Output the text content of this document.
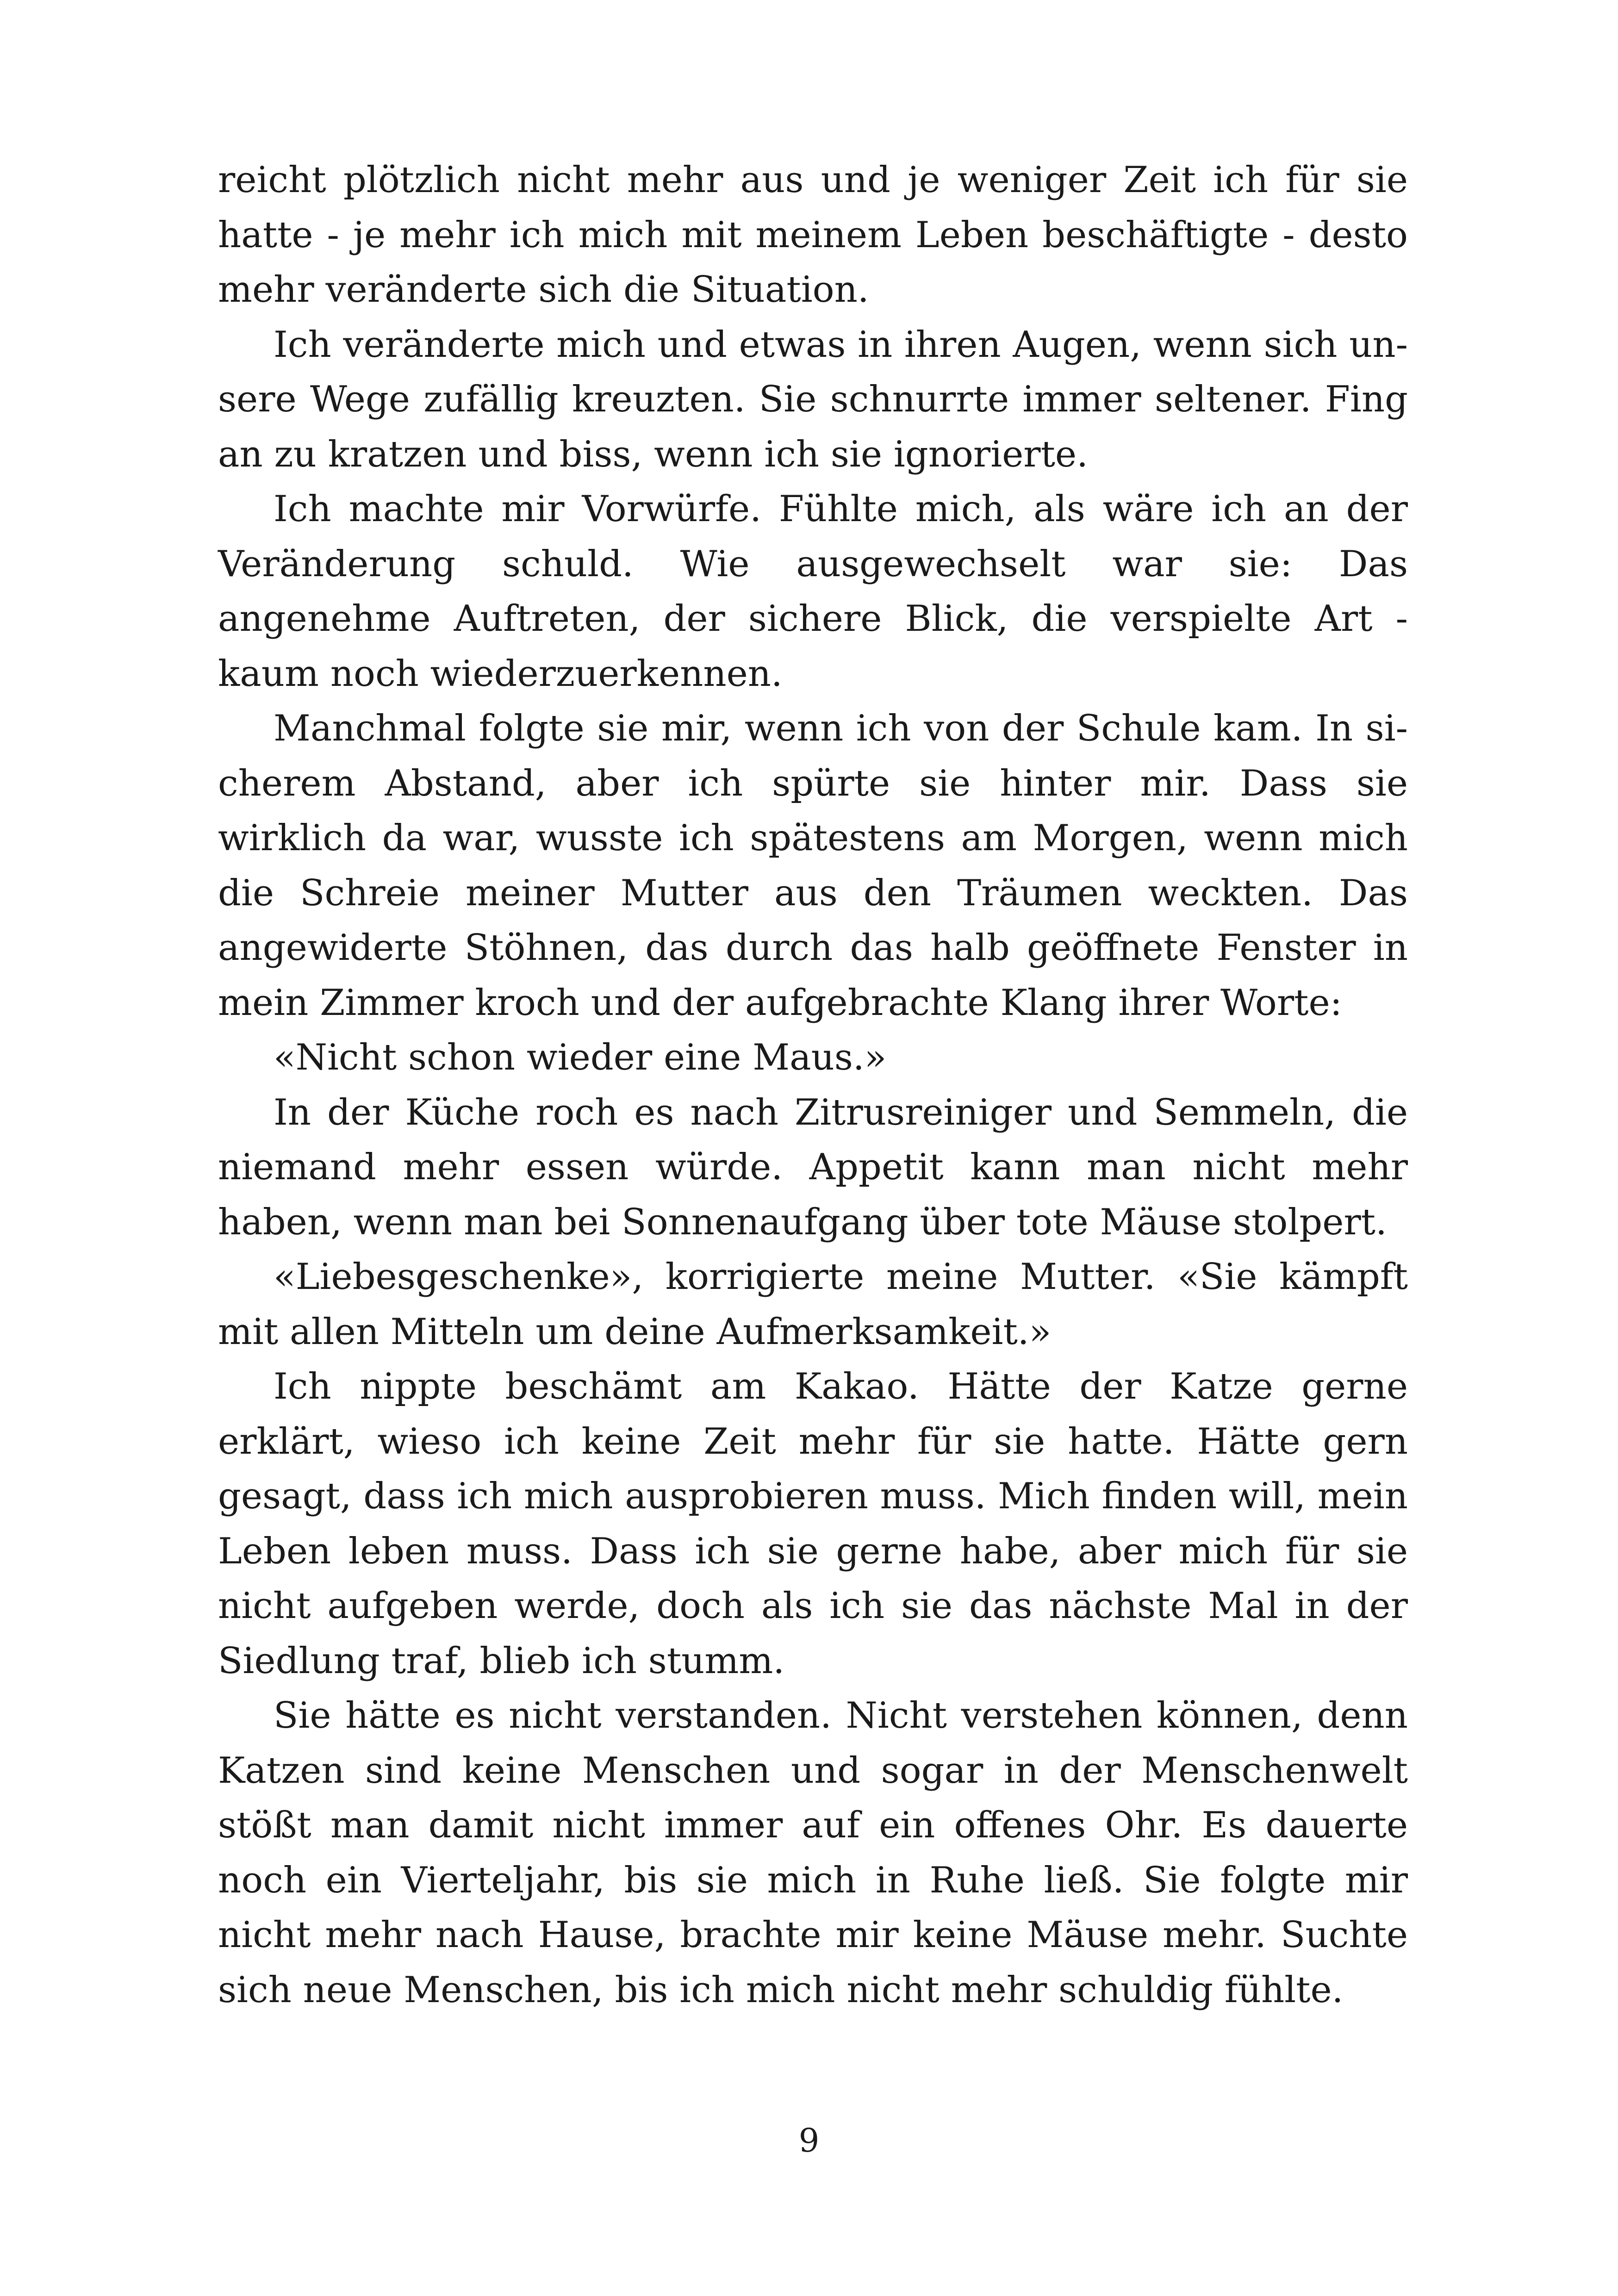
reicht plötzlich nicht mehr aus und je weniger Zeit ich für sie hatte - je mehr ich mich mit meinem Leben beschäftigte - desto mehr veränderte sich die Situation.

Ich veränderte mich und etwas in ihren Augen, wenn sich unsere Wege zufällig kreuzten. Sie schnurrte immer seltener. Fing an zu kratzen und biss, wenn ich sie ignorierte.

Ich machte mir Vorwürfe. Fühlte mich, als wäre ich an der Veränderung schuld. Wie ausgewechselt war sie: Das angenehme Auftreten, der sichere Blick, die verspielte Art - kaum noch wiederzuerkennen.

Manchmal folgte sie mir, wenn ich von der Schule kam. In sicherem Abstand, aber ich spürte sie hinter mir. Dass sie wirklich da war, wusste ich spätestens am Morgen, wenn mich die Schreie meiner Mutter aus den Träumen weckten. Das angewiderte Stöhnen, das durch das halb geöffnete Fenster in mein Zimmer kroch und der aufgebrachte Klang ihrer Worte:

«Nicht schon wieder eine Maus.»

In der Küche roch es nach Zitrusreiniger und Semmeln, die niemand mehr essen würde. Appetit kann man nicht mehr haben, wenn man bei Sonnenaufgang über tote Mäuse stolpert.

«Liebesgeschenke», korrigierte meine Mutter. «Sie kämpft mit allen Mitteln um deine Aufmerksamkeit.»

Ich nippte beschämt am Kakao. Hätte der Katze gerne erklärt, wieso ich keine Zeit mehr für sie hatte. Hätte gern gesagt, dass ich mich ausprobieren muss. Mich finden will, mein Leben leben muss. Dass ich sie gerne habe, aber mich für sie nicht aufgeben werde, doch als ich sie das nächste Mal in der Siedlung traf, blieb ich stumm.

Sie hätte es nicht verstanden. Nicht verstehen können, denn Katzen sind keine Menschen und sogar in der Menschenwelt stößt man damit nicht immer auf ein offenes Ohr. Es dauerte noch ein Vierteljahr, bis sie mich in Ruhe ließ. Sie folgte mir nicht mehr nach Hause, brachte mir keine Mäuse mehr. Suchte sich neue Menschen, bis ich mich nicht mehr schuldig fühlte.

9
